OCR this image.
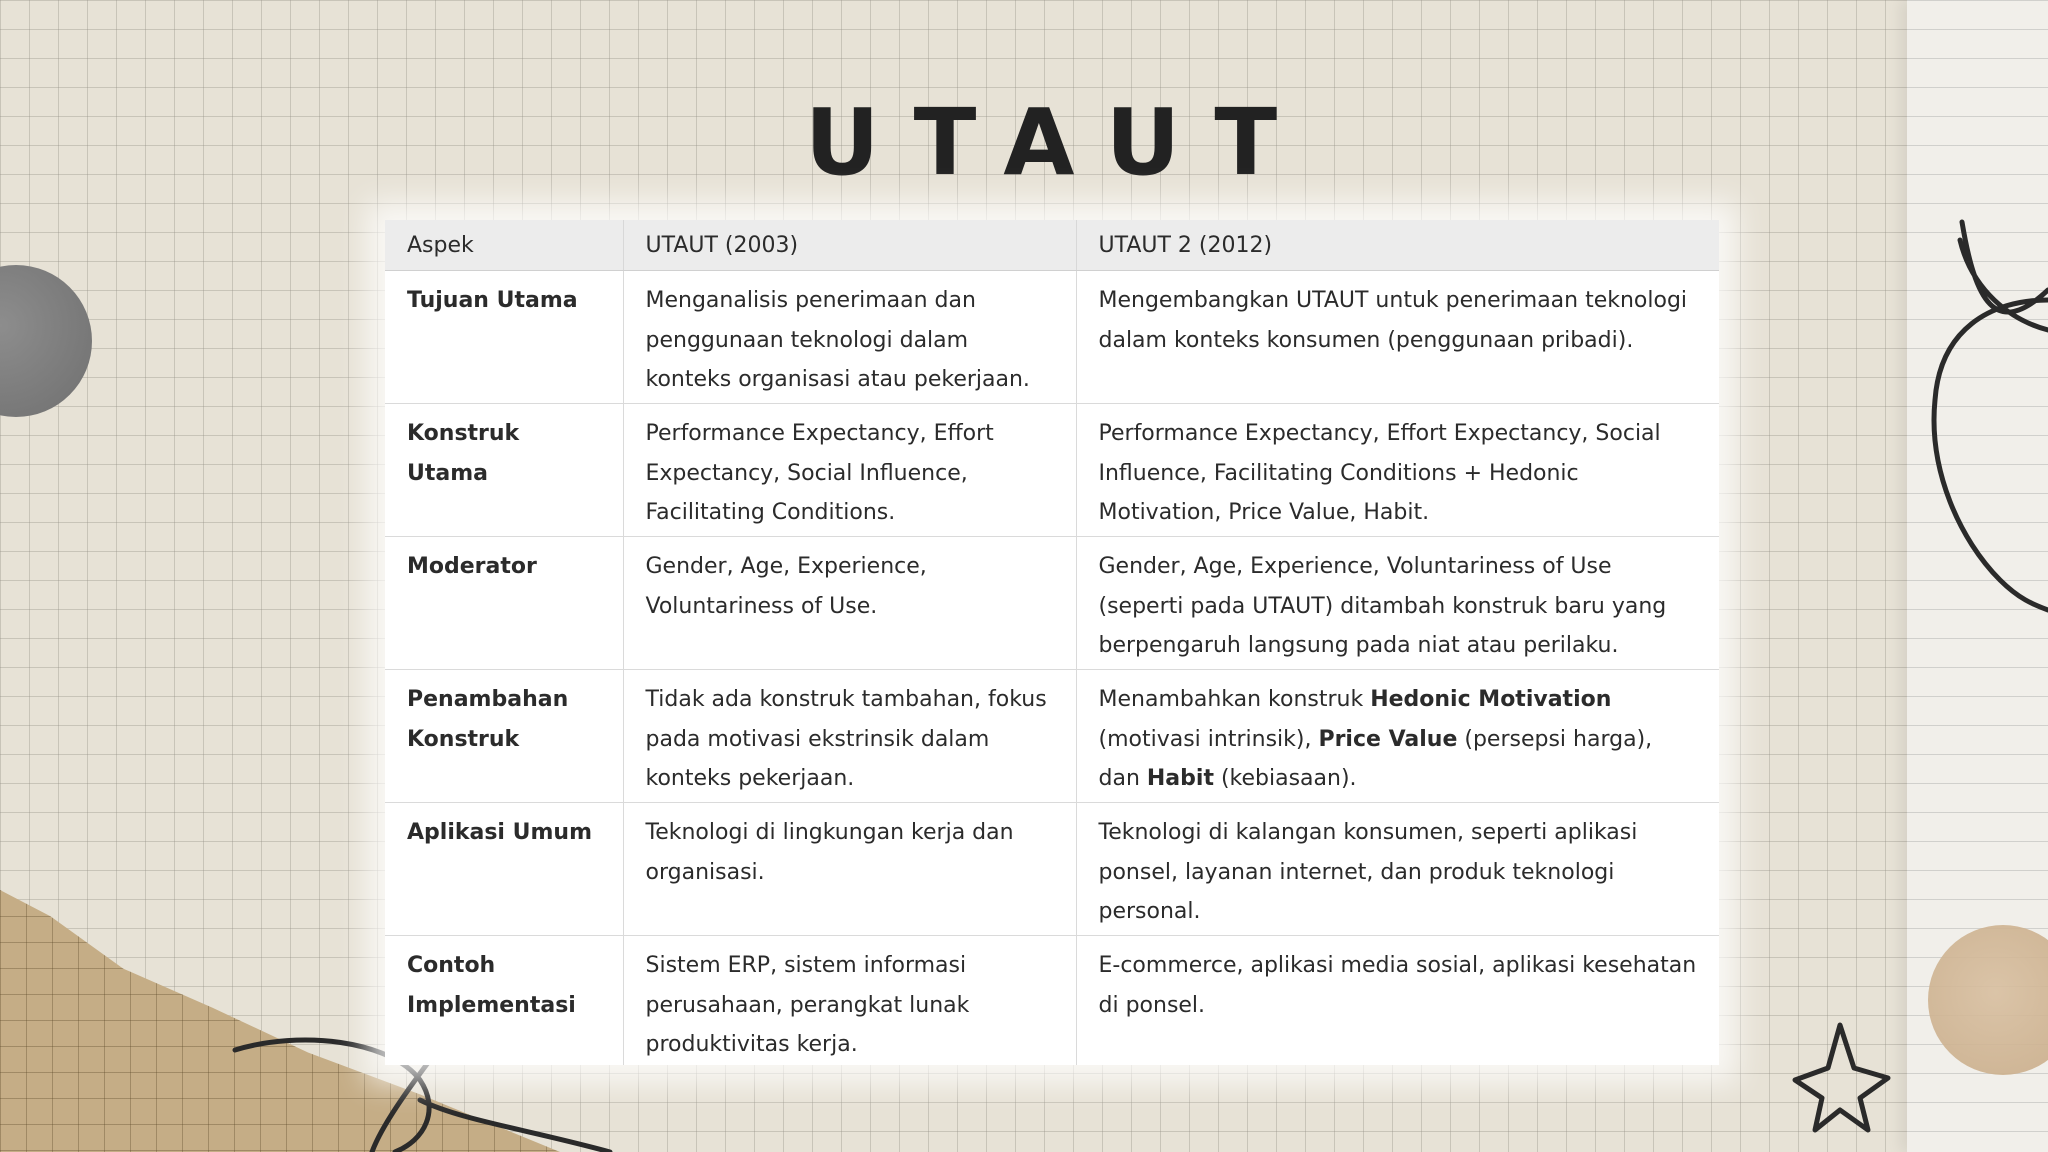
UTAUT
Aspek	UTAUT (2003)	UTAUT 2 (2012)
Tujuan Utama	Menganalisis penerimaan dan penggunaan teknologi dalam konteks organisasi atau pekerjaan.	Mengembangkan UTAUT untuk penerimaan teknologi dalam konteks konsumen (penggunaan pribadi).
Konstruk Utama	Performance Expectancy, Effort Expectancy, Social Influence, Facilitating Conditions.	Performance Expectancy, Effort Expectancy, Social Influence, Facilitating Conditions + Hedonic Motivation, Price Value, Habit.
Moderator	Gender, Age, Experience, Voluntariness of Use.	Gender, Age, Experience, Voluntariness of Use (seperti pada UTAUT) ditambah konstruk baru yang berpengaruh langsung pada niat atau perilaku.
Penambahan Konstruk	Tidak ada konstruk tambahan, fokus pada motivasi ekstrinsik dalam konteks pekerjaan.	Menambahkan konstruk Hedonic Motivation (motivasi intrinsik), Price Value (persepsi harga), dan Habit (kebiasaan).
Aplikasi Umum	Teknologi di lingkungan kerja dan organisasi.	Teknologi di kalangan konsumen, seperti aplikasi ponsel, layanan internet, dan produk teknologi personal.
Contoh Implementasi	Sistem ERP, sistem informasi perusahaan, perangkat lunak produktivitas kerja.	E-commerce, aplikasi media sosial, aplikasi kesehatan di ponsel.
